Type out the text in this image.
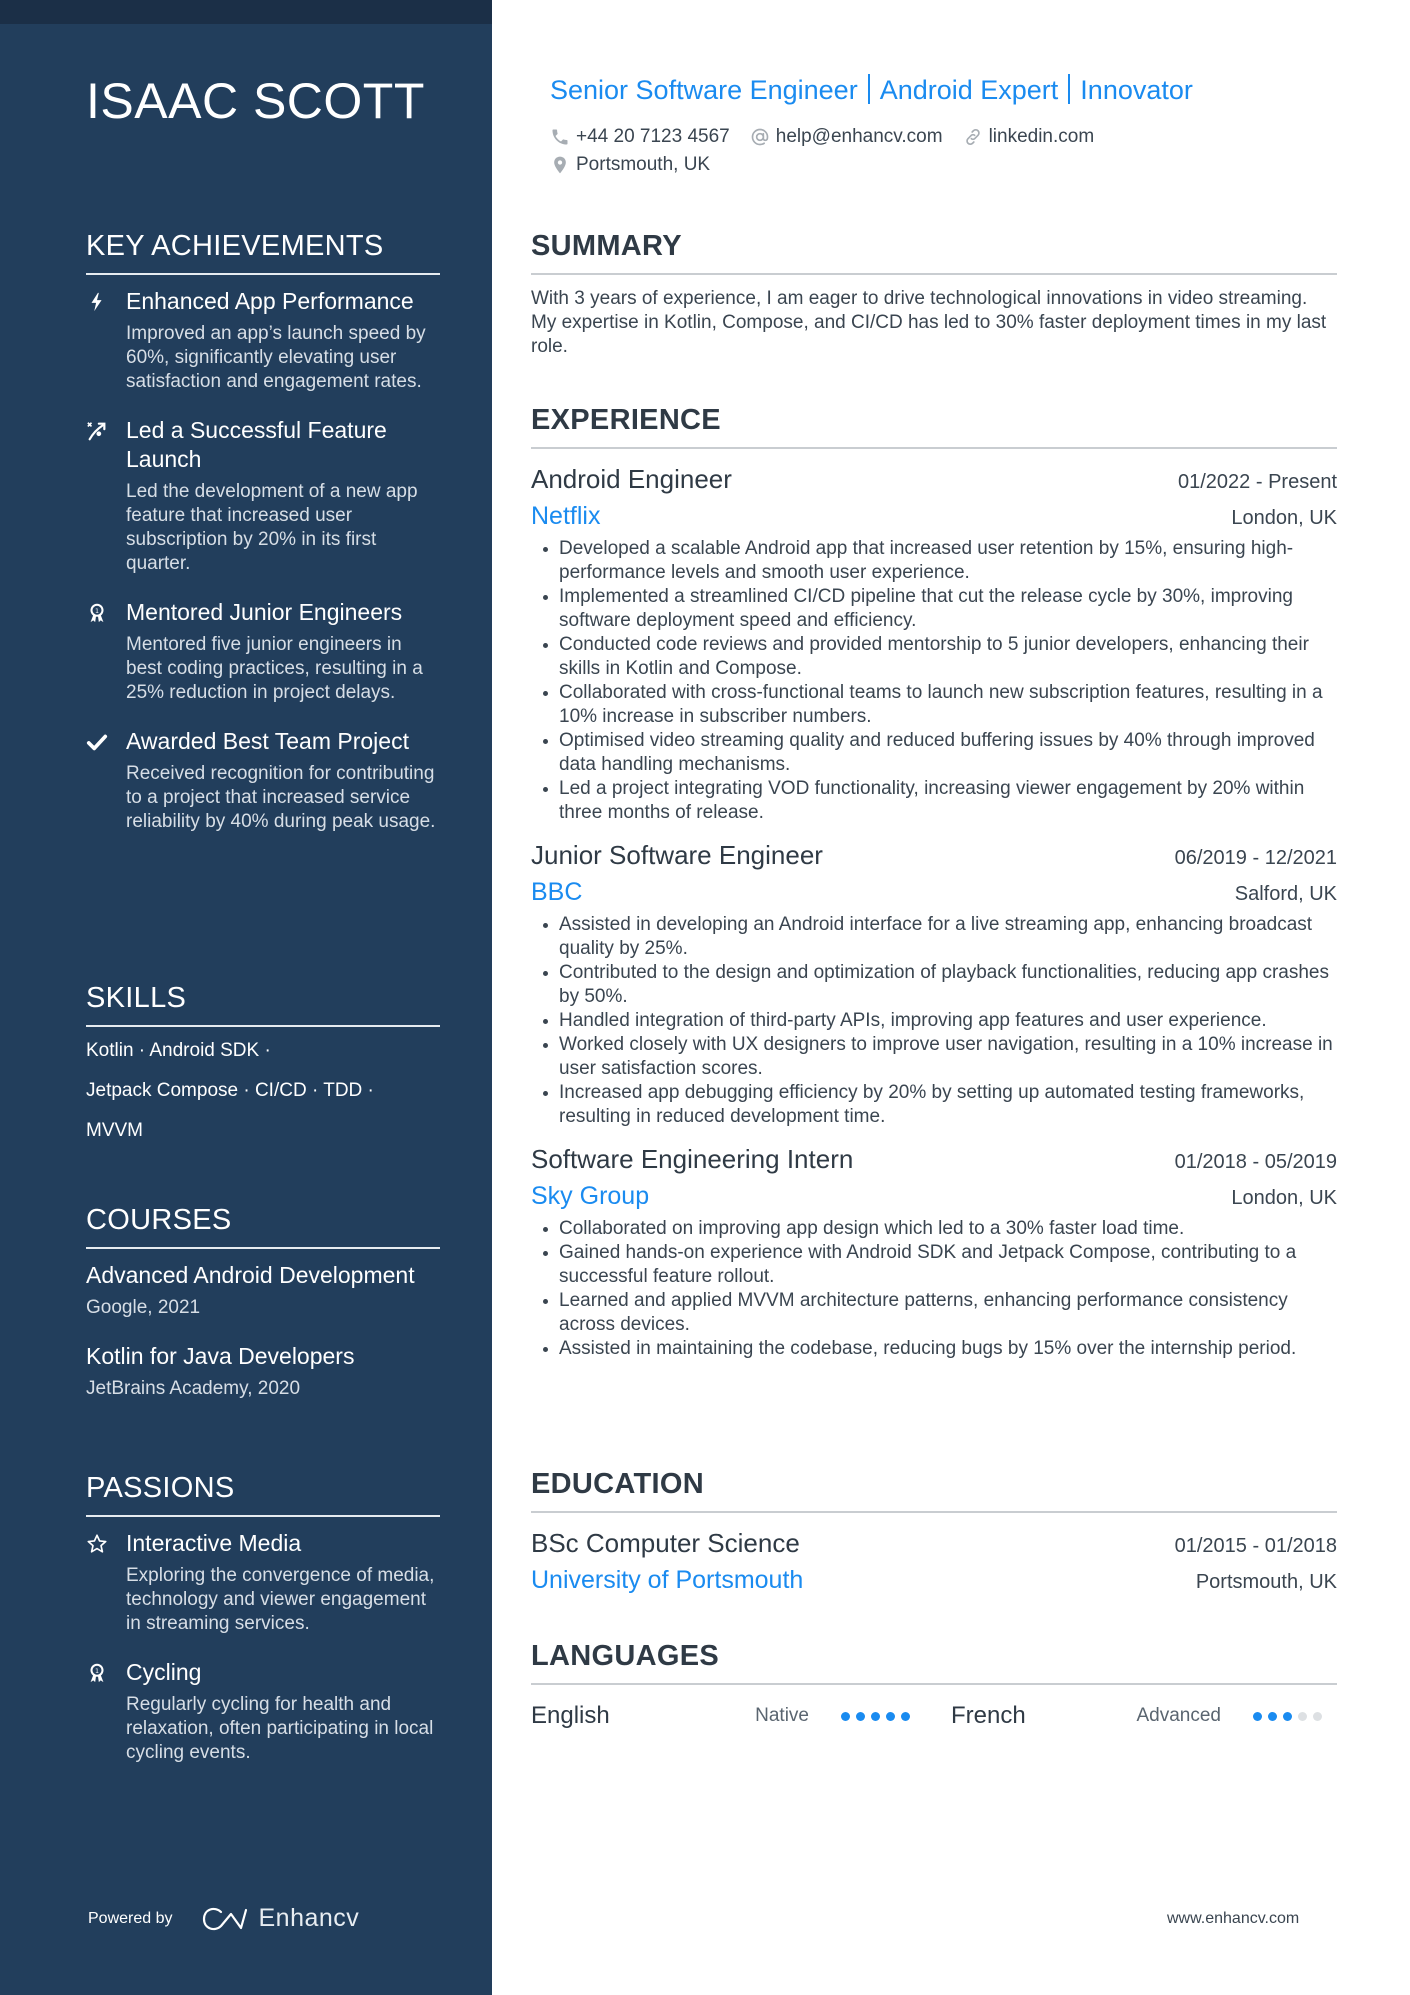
ISAAC SCOTT
KEY ACHIEVEMENTS
Enhanced App Performance
Improved an app’s launch speed by 60%, significantly elevating user satisfaction and engagement rates.
Led a Successful Feature Launch
Led the development of a new app feature that increased user subscription by 20% in its first quarter.
1 Mentored Junior Engineers
Mentored five junior engineers in best coding practices, resulting in a 25% reduction in project delays.
Awarded Best Team Project
Received recognition for contributing to a project that increased service reliability by 40% during peak usage.
SKILLS
Kotlin · Android SDK ·
Jetpack Compose · CI/CD · TDD ·
MVVM
COURSES
Advanced Android Development
Google, 2021
Kotlin for Java Developers
JetBrains Academy, 2020
PASSIONS
Interactive Media
Exploring the convergence of media, technology and viewer engagement in streaming services.
1 Cycling
Regularly cycling for health and relaxation, often participating in local cycling events.
Powered by	Enhancv
Senior Software Engineer Android Expert Innovator
+44 20 7123 4567 help@enhancv.com linkedin.com
Portsmouth, UK
SUMMARY

With 3 years of experience, I am eager to drive technological innovations in video streaming. My expertise in Kotlin, Compose, and CI/CD has led to 30% faster deployment times in my last role.

EXPERIENCE
Android Engineer	01/2022 - Present
Netflix	London, UK
Developed a scalable Android app that increased user retention by 15%, ensuring high-performance levels and smooth user experience.
Implemented a streamlined CI/CD pipeline that cut the release cycle by 30%, improving software deployment speed and efficiency.
Conducted code reviews and provided mentorship to 5 junior developers, enhancing their skills in Kotlin and Compose.
Collaborated with cross-functional teams to launch new subscription features, resulting in a 10% increase in subscriber numbers.
Optimised video streaming quality and reduced buffering issues by 40% through improved data handling mechanisms.
Led a project integrating VOD functionality, increasing viewer engagement by 20% within three months of release.
Junior Software Engineer	06/2019 - 12/2021
BBC	Salford, UK
Assisted in developing an Android interface for a live streaming app, enhancing broadcast quality by 25%.
Contributed to the design and optimization of playback functionalities, reducing app crashes by 50%.
Handled integration of third-party APIs, improving app features and user experience.
Worked closely with UX designers to improve user navigation, resulting in a 10% increase in user satisfaction scores.
Increased app debugging efficiency by 20% by setting up automated testing frameworks, resulting in reduced development time.
Software Engineering Intern	01/2018 - 05/2019
Sky Group	London, UK
Collaborated on improving app design which led to a 30% faster load time.
Gained hands-on experience with Android SDK and Jetpack Compose, contributing to a successful feature rollout.
Learned and applied MVVM architecture patterns, enhancing performance consistency across devices.
Assisted in maintaining the codebase, reducing bugs by 15% over the internship period.
EDUCATION
BSc Computer Science	01/2015 - 01/2018
University of Portsmouth	Portsmouth, UK
LANGUAGES
English	Native	French	Advanced
www.enhancv.com
